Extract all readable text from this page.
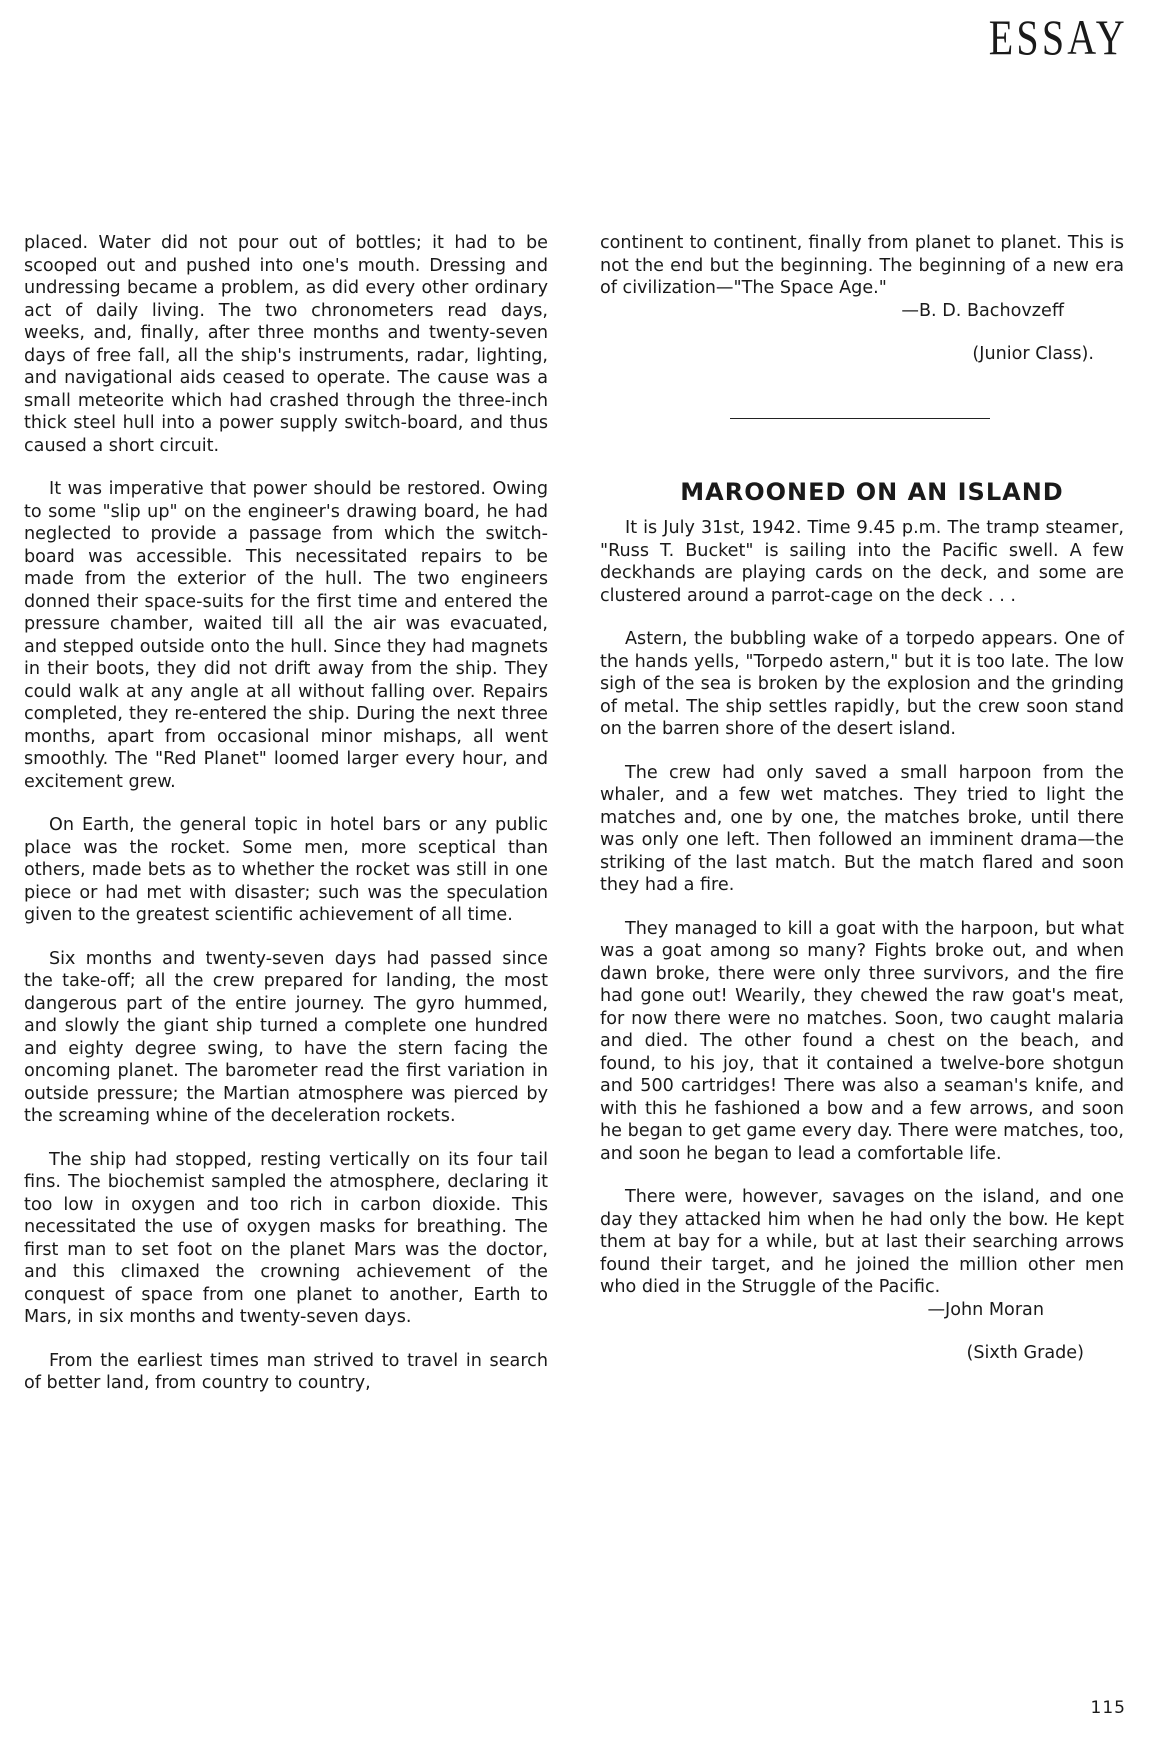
ESSAY

placed. Water did not pour out of bottles; it had to be scooped out and pushed into one's mouth. Dressing and undressing became a problem, as did every other ordinary act of daily living. The two chronometers read days, weeks, and, finally, after three months and twenty-seven days of free fall, all the ship's instruments, radar, lighting, and navigational aids ceased to operate. The cause was a small meteorite which had crashed through the three-inch thick steel hull into a power supply switch-board, and thus caused a short circuit.

It was imperative that power should be restored. Owing to some "slip up" on the engineer's drawing board, he had neglected to provide a passage from which the switch-board was accessible. This necessitated repairs to be made from the exterior of the hull. The two engineers donned their space-suits for the first time and entered the pressure chamber, waited till all the air was evacuated, and stepped outside onto the hull. Since they had magnets in their boots, they did not drift away from the ship. They could walk at any angle at all without falling over. Repairs completed, they re-entered the ship. During the next three months, apart from occasional minor mishaps, all went smoothly. The "Red Planet" loomed larger every hour, and excitement grew.

On Earth, the general topic in hotel bars or any public place was the rocket. Some men, more sceptical than others, made bets as to whether the rocket was still in one piece or had met with disaster; such was the speculation given to the greatest scientific achievement of all time.

Six months and twenty-seven days had passed since the take-off; all the crew prepared for landing, the most dangerous part of the entire journey. The gyro hummed, and slowly the giant ship turned a complete one hundred and eighty degree swing, to have the stern facing the oncoming planet. The barometer read the first variation in outside pressure; the Martian atmosphere was pierced by the screaming whine of the deceleration rockets.

The ship had stopped, resting vertically on its four tail fins. The biochemist sampled the atmosphere, declaring it too low in oxygen and too rich in carbon dioxide. This necessitated the use of oxygen masks for breathing. The first man to set foot on the planet Mars was the doctor, and this climaxed the crowning achievement of the conquest of space from one planet to another, Earth to Mars, in six months and twenty-seven days.

From the earliest times man strived to travel in search of better land, from country to country,

continent to continent, finally from planet to planet. This is not the end but the beginning. The beginning of a new era of civilization—"The Space Age."

—B. D. Bachovzeff

(Junior Class).

MAROONED ON AN ISLAND

It is July 31st, 1942. Time 9.45 p.m. The tramp steamer, "Russ T. Bucket" is sailing into the Pacific swell. A few deckhands are playing cards on the deck, and some are clustered around a parrot-cage on the deck . . .

Astern, the bubbling wake of a torpedo appears. One of the hands yells, "Torpedo astern," but it is too late. The low sigh of the sea is broken by the explosion and the grinding of metal. The ship settles rapidly, but the crew soon stand on the barren shore of the desert island.

The crew had only saved a small harpoon from the whaler, and a few wet matches. They tried to light the matches and, one by one, the matches broke, until there was only one left. Then followed an imminent drama—the striking of the last match. But the match flared and soon they had a fire.

They managed to kill a goat with the harpoon, but what was a goat among so many? Fights broke out, and when dawn broke, there were only three survivors, and the fire had gone out! Wearily, they chewed the raw goat's meat, for now there were no matches. Soon, two caught malaria and died. The other found a chest on the beach, and found, to his joy, that it contained a twelve-bore shotgun and 500 cartridges! There was also a seaman's knife, and with this he fashioned a bow and a few arrows, and soon he began to get game every day. There were matches, too, and soon he began to lead a comfortable life.

There were, however, savages on the island, and one day they attacked him when he had only the bow. He kept them at bay for a while, but at last their searching arrows found their target, and he joined the million other men who died in the Struggle of the Pacific.

—John Moran

(Sixth Grade)

115
